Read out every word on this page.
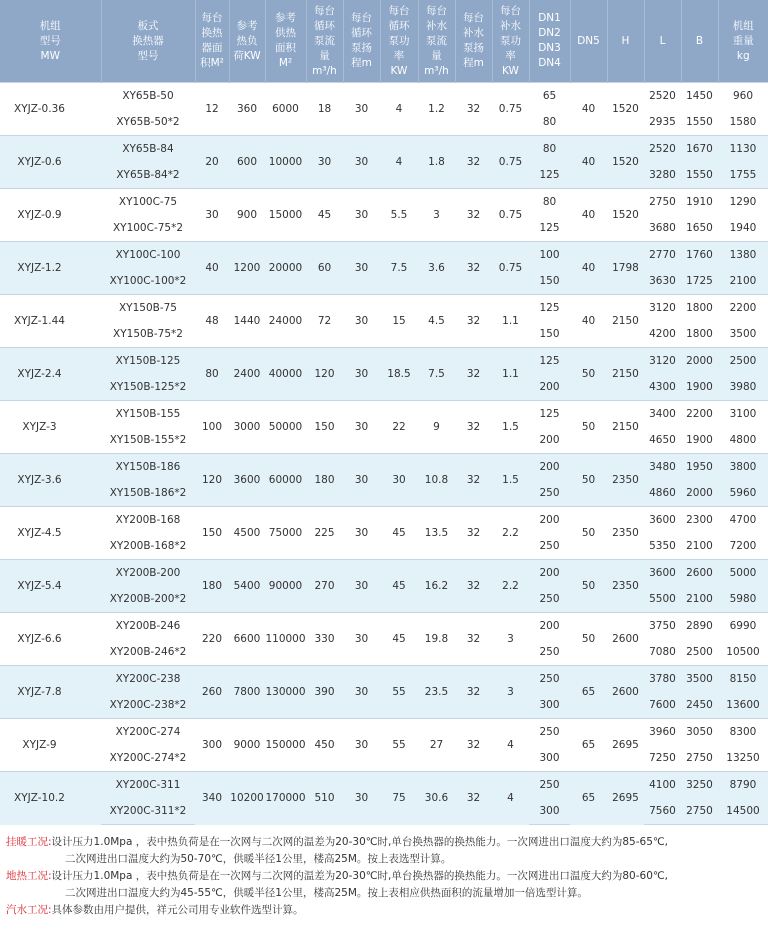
机组
型号
MW	板式
换热器
型号	每台
换热
器面
积M²	参考
热负
荷KW	参考
供热
面积
M²	每台
循环
泵流
量
m³/h	每台
循环
泵扬
程m	每台
循环
泵功
率
KW	每台
补水
泵流
量
m³/h	每台
补水
泵扬
程m	每台
补水
泵功
率
KW	DN1
DN2
DN3
DN4	DN5	H	L	B	机组
重量
kg
XYJZ-0.36	XY65B-50	12	360	6000	18	30	4	1.2	32	0.75	65	40	1520	2520	1450	960
	XY65B-50*2										80			2935	1550	1580
XYJZ-0.6	XY65B-84	20	600	10000	30	30	4	1.8	32	0.75	80	40	1520	2520	1670	1130
	XY65B-84*2										125			3280	1550	1755
XYJZ-0.9	XY100C-75	30	900	15000	45	30	5.5	3	32	0.75	80	40	1520	2750	1910	1290
	XY100C-75*2										125			3680	1650	1940
XYJZ-1.2	XY100C-100	40	1200	20000	60	30	7.5	3.6	32	0.75	100	40	1798	2770	1760	1380
	XY100C-100*2										150			3630	1725	2100
XYJZ-1.44	XY150B-75	48	1440	24000	72	30	15	4.5	32	1.1	125	40	2150	3120	1800	2200
	XY150B-75*2										150			4200	1800	3500
XYJZ-2.4	XY150B-125	80	2400	40000	120	30	18.5	7.5	32	1.1	125	50	2150	3120	2000	2500
	XY150B-125*2										200			4300	1900	3980
XYJZ-3	XY150B-155	100	3000	50000	150	30	22	9	32	1.5	125	50	2150	3400	2200	3100
	XY150B-155*2										200			4650	1900	4800
XYJZ-3.6	XY150B-186	120	3600	60000	180	30	30	10.8	32	1.5	200	50	2350	3480	1950	3800
	XY150B-186*2										250			4860	2000	5960
XYJZ-4.5	XY200B-168	150	4500	75000	225	30	45	13.5	32	2.2	200	50	2350	3600	2300	4700
	XY200B-168*2										250			5350	2100	7200
XYJZ-5.4	XY200B-200	180	5400	90000	270	30	45	16.2	32	2.2	200	50	2350	3600	2600	5000
	XY200B-200*2										250			5500	2100	5980
XYJZ-6.6	XY200B-246	220	6600	110000	330	30	45	19.8	32	3	200	50	2600	3750	2890	6990
	XY200B-246*2										250			7080	2500	10500
XYJZ-7.8	XY200C-238	260	7800	130000	390	30	55	23.5	32	3	250	65	2600	3780	3500	8150
	XY200C-238*2										300			7600	2450	13600
XYJZ-9	XY200C-274	300	9000	150000	450	30	55	27	32	4	250	65	2695	3960	3050	8300
	XY200C-274*2										300			7250	2750	13250
XYJZ-10.2	XY200C-311	340	10200	170000	510	30	75	30.6	32	4	250	65	2695	4100	3250	8790
	XY200C-311*2										300			7560	2750	14500
挂暖工况: 设计压力1.0Mpa ，表中热负荷是在一次网与二次网的温差为20-30℃时,单台换热器的换热能力。一次网进出口温度大约为85-65℃,
二次网进出口温度大约为50-70℃，供暖半径1公里，楼高25M。按上表选型计算。
地热工况: 设计压力1.0Mpa ，表中热负荷是在一次网与二次网的温差为20-30℃时,单台换热器的换热能力。一次网进出口温度大约为80-60℃,
二次网进出口温度大约为45-55℃，供暖半径1公里，楼高25M。按上表相应供热面积的流量增加一倍选型计算。
汽水工况: 具体参数由用户提供，祥元公司用专业软件选型计算。
